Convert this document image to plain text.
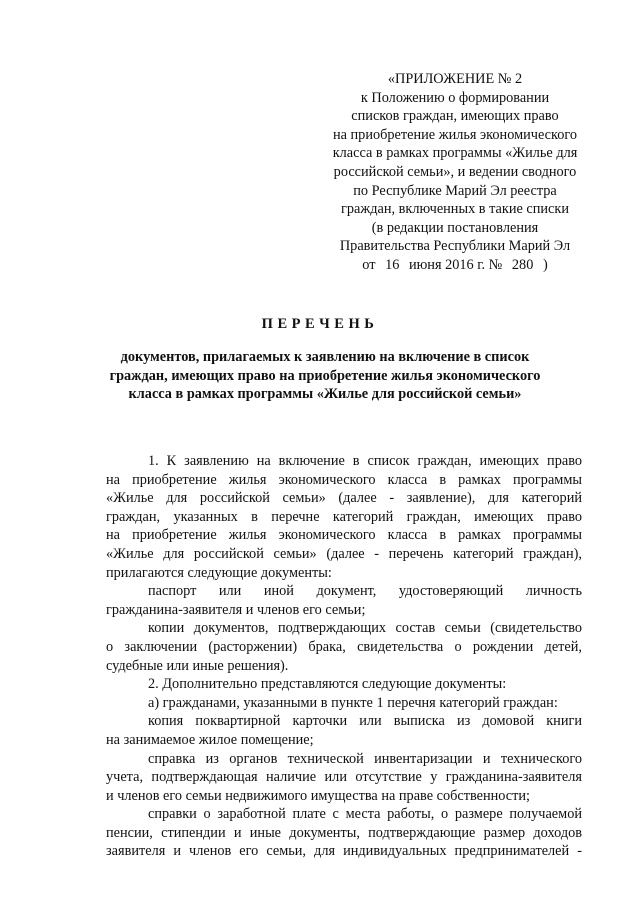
«ПРИЛОЖЕНИЕ № 2
к Положению о формировании
списков граждан, имеющих право
на приобретение жилья экономического
класса в рамках программы «Жилье для
российской семьи», и ведении сводного
по Республике Марий Эл реестра
граждан, включенных в такие списки
(в редакции постановления
Правительства Республики Марий Эл
от 16 июня 2016 г. № 280 )
ПЕРЕЧЕНЬ
документов, прилагаемых к заявлению на включение в список
граждан, имеющих право на приобретение жилья экономического
класса в рамках программы «Жилье для российской семьи»
1. К заявлению на включение в список граждан, имеющих право
на приобретение жилья экономического класса в рамках программы
«Жилье для российской семьи» (далее - заявление), для категорий
граждан, указанных в перечне категорий граждан, имеющих право
на приобретение жилья экономического класса в рамках программы
«Жилье для российской семьи» (далее - перечень категорий граждан),
прилагаются следующие документы:
паспорт или иной документ, удостоверяющий личность
гражданина-заявителя и членов его семьи;
копии документов, подтверждающих состав семьи (свидетельство
о заключении (расторжении) брака, свидетельства о рождении детей,
судебные или иные решения).
2. Дополнительно представляются следующие документы:
а) гражданами, указанными в пункте 1 перечня категорий граждан:
копия поквартирной карточки или выписка из домовой книги
на занимаемое жилое помещение;
справка из органов технической инвентаризации и технического
учета, подтверждающая наличие или отсутствие у гражданина-заявителя
и членов его семьи недвижимого имущества на праве собственности;
справки о заработной плате с места работы, о размере получаемой
пенсии, стипендии и иные документы, подтверждающие размер доходов
заявителя и членов его семьи, для индивидуальных предпринимателей -
